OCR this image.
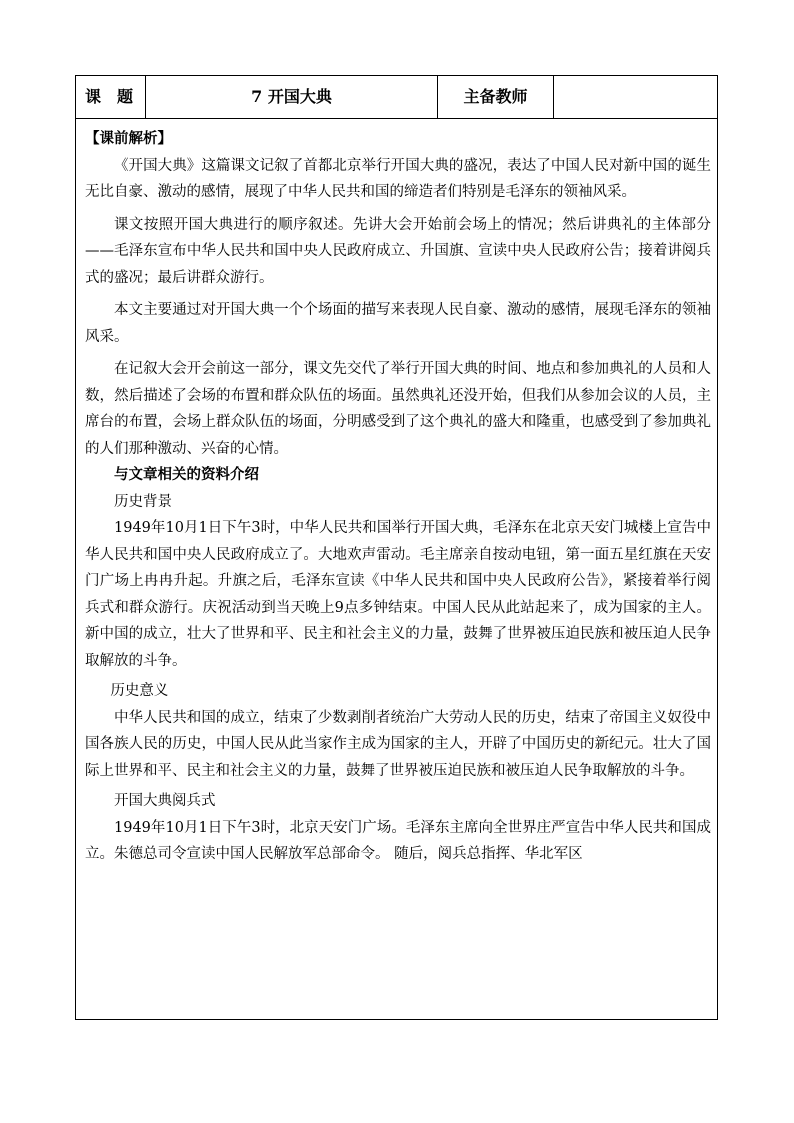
课　题	7 开国大典	主备教师
【课前解析】

《开国大典》这篇课文记叙了首都北京举行开国大典的盛况，表达了中国人民对新中国的诞生无比自豪、激动的感情，展现了中华人民共和国的缔造者们特别是毛泽东的领袖风采。

课文按照开国大典进行的顺序叙述。先讲大会开始前会场上的情况；然后讲典礼的主体部分——毛泽东宣布中华人民共和国中央人民政府成立、升国旗、宣读中央人民政府公告；接着讲阅兵式的盛况；最后讲群众游行。

本文主要通过对开国大典一个个场面的描写来表现人民自豪、激动的感情，展现毛泽东的领袖风采。

在记叙大会开会前这一部分，课文先交代了举行开国大典的时间、地点和参加典礼的人员和人数，然后描述了会场的布置和群众队伍的场面。虽然典礼还没开始，但我们从参加会议的人员，主席台的布置，会场上群众队伍的场面，分明感受到了这个典礼的盛大和隆重，也感受到了参加典礼的人们那种激动、兴奋的心情。

与文章相关的资料介绍
历史背景

1949年10月1日下午3时，中华人民共和国举行开国大典，毛泽东在北京天安门城楼上宣告中华人民共和国中央人民政府成立了。大地欢声雷动。毛主席亲自按动电钮，第一面五星红旗在天安门广场上冉冉升起。升旗之后，毛泽东宣读《中华人民共和国中央人民政府公告》，紧接着举行阅兵式和群众游行。庆祝活动到当天晚上9点多钟结束。中国人民从此站起来了，成为国家的主人。新中国的成立，壮大了世界和平、民主和社会主义的力量，鼓舞了世界被压迫民族和被压迫人民争取解放的斗争。

历史意义

中华人民共和国的成立，结束了少数剥削者统治广大劳动人民的历史，结束了帝国主义奴役中国各族人民的历史，中国人民从此当家作主成为国家的主人，开辟了中国历史的新纪元。壮大了国际上世界和平、民主和社会主义的力量，鼓舞了世界被压迫民族和被压迫人民争取解放的斗争。

开国大典阅兵式

1949年10月1日下午3时，北京天安门广场。毛泽东主席向全世界庄严宣告中华人民共和国成立。朱德总司令宣读中国人民解放军总部命令。 随后，阅兵总指挥、华北军区
